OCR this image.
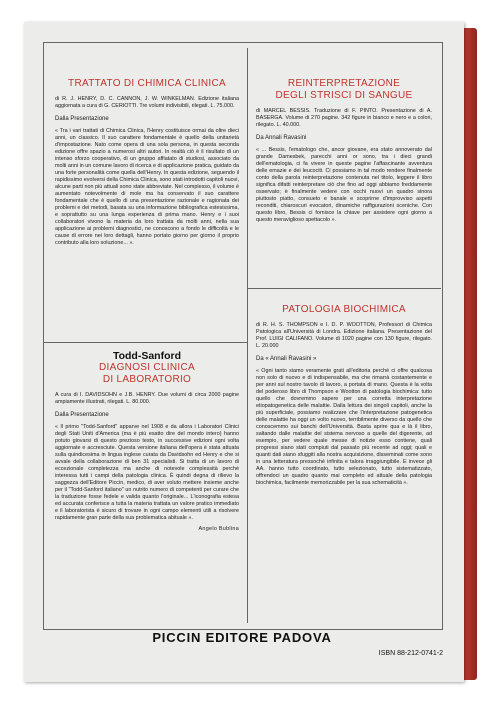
TRATTATO DI CHIMICA CLINICA
di R. J. HENRY, D. C. CANNON, J. W. WINKELMAN. Edizione italiana aggiornata a cura di G. CERIOTTI. Tre volumi indivisibili, rilegati. L. 75.000.
Dalla Presentazione

« Tra i vari trattati di Chimica Clinica, l'Henry costituisce ormai da oltre dieci anni, un classico. Il suo carattere fondamentale è quello della unitarietà d'impostazione. Nato come opera di una sola persona, in questa seconda edizione offre spazio a numerosi altri autori. In realtà ciò è il risultato di un intenso sforzo cooperativo, di un gruppo affiatato di studiosi, associato da molti anni in un comune lavoro di ricerca e di applicazione pratica, guidato da una forte personalità come quella dell'Henry. In questa edizione, seguendo il rapidissimo evolversi della Chimica Clinica, sono stati introdotti capitoli nuovi, alcune parti non più attuali sono state abbreviate. Nel complesso, il volume è aumentato notevolmente di mole ma ha conservato il suo carattere fondamentale che è quello di una presentazione razionale e ragionata dei problemi e dei metodi, basata su una informazione bibliografica estesissima, e soprattutto su una lunga esperienza di prima mano. Henry e i suoi collaboratori vivono la materia da loro trattata da molti anni, nella sua applicazione ai problemi diagnostici, ne conoscono a fondo le difficoltà e le cause di errore nei loro dettagli, hanno portato giorno per giorno il proprio contributo alla loro soluzione... ».

Todd-Sanford
DIAGNOSI CLINICA
DI LABORATORIO
A cura di I. DAVIDSOHN e J.B. HENRY. Due volumi di circa 2000 pagine ampiamente illustrati, rilegati. L. 80.000.
Dalla Presentazione

« Il primo "Todd-Sanford" apparve nel 1908 e da allora i Laboratori Clinici degli Stati Uniti d'America (ma è più esatto dire del mondo intero) hanno potuto giovarsi di questo prezioso testo, in successive edizioni ogni volta aggiornate e accresciute. Questa versione italiana dell'opera è stata attuata sulla quindicesima in lingua inglese curata da Davidsohn ed Henry e che si avvale della collaborazione di ben 31 specialisti. Si tratta di un lavoro di eccezionale completezza ma anche di notevole complessità perché interessa tutti i campi della patologia clinica. È quindi degna di rilievo la saggezza dell'Editore Piccin, medico, di aver voluto mettere insieme anche per il "Todd-Sanford italiano" un nutrito numero di competenti per curare che la traduzione fosse fedele e valida quanto l'originale... L'iconografia estesa ed accurata conferisce a tutta la materia trattata un valore pratico immediato e il laboratorista è sicuro di trovare in ogni campo elementi utili a risolvere rapidamente gran parte della sua problematica abituale ».

Angelo Bublina
REINTERPRETAZIONE
DEGLI STRISCI DI SANGUE
di MARCEL BESSIS. Traduzione di F. PINTO. Presentazione di A. BASERGA. Volume di 270 pagine. 342 figure in bianco e nero e a colori, rilegato. L. 40.000.
Da Annali Ravasini

« ... Bessis, l'ematologo che, ancor giovane, era stato annoverato dal grande Damesbek, parecchi anni or sono, tra i dieci grandi dell'ematologia, ci fa vivere in queste pagine l'affascinante avventura delle emazie e dei leucociti. Ci possiamo in tal modo rendere finalmente conto della parola reinterpretazione contenuta nel titolo, leggere il libro significa difatti reinterpretare ciò che fino ad oggi abbiamo freddamente osservato; è finalmente vedere con occhi nuovi un quadro sinora piuttosto piatto, consueto e banale e scoprirne d'improvviso aspetti reconditi, chiaroscuri evocatori, dinamiche raffigurazioni sceniche. Con questo libro, Bessis ci fornisce la chiave per assistere ogni giorno a questo meraviglioso spettacolo ».

PATOLOGIA BIOCHIMICA
di R. H. S. THOMPSON e I. D. P. WOOTTON, Professori di Chimica Patologica all'Università di Londra. Edizione italiana. Presentazione del Prof. LUIGI CALIFANO. Volume di 1020 pagine con 130 figure, rilegato. L. 20.000
Da « Annali Ravasini »

« Ogni tanto siamo veramente grati all'editoria perché ci offre qualcosa non solo di nuovo e di indispensabile, ma che rimarrà costantemente e per anni sul nostro tavolo di lavoro, a portata di mano. Questa è la volta del poderoso libro di Thompson e Wootton di patologia biochimica: tutto quello che dovremmo sapere per una corretta interpretazione etiopatogenetica delle malattie. Dalla lettura dei singoli capitoli, anche la più superficiale, possiamo realizzare che l'interpretazione patogenetica delle malattie ha oggi un volto nuovo, terribilmente diverso da quello che conoscemmo sui banchi dell'Università. Basta aprire qua e là il libro, saltando dalle malattie del sistema nervoso a quelle del digerente, ad esempio, per vedere quale messe di notizie esso contiene, quali progressi siano stati compiuti dal passato più recente ad oggi; quali e quanti dati siano sfuggiti alla nostra acquisizione, disseminati come sono in una letteratura pressoché infinita e talora irraggiungibile. E invece gli AA. hanno tutto coordinato, tutto selezionato, tutto sistematizzato, offrendoci un quadro quanto mai completo ed attuale della patologia biochimica, facilmente memorizzabile per la sua schematicità ».

PICCIN EDITORE PADOVA
ISBN 88-212-0741-2
